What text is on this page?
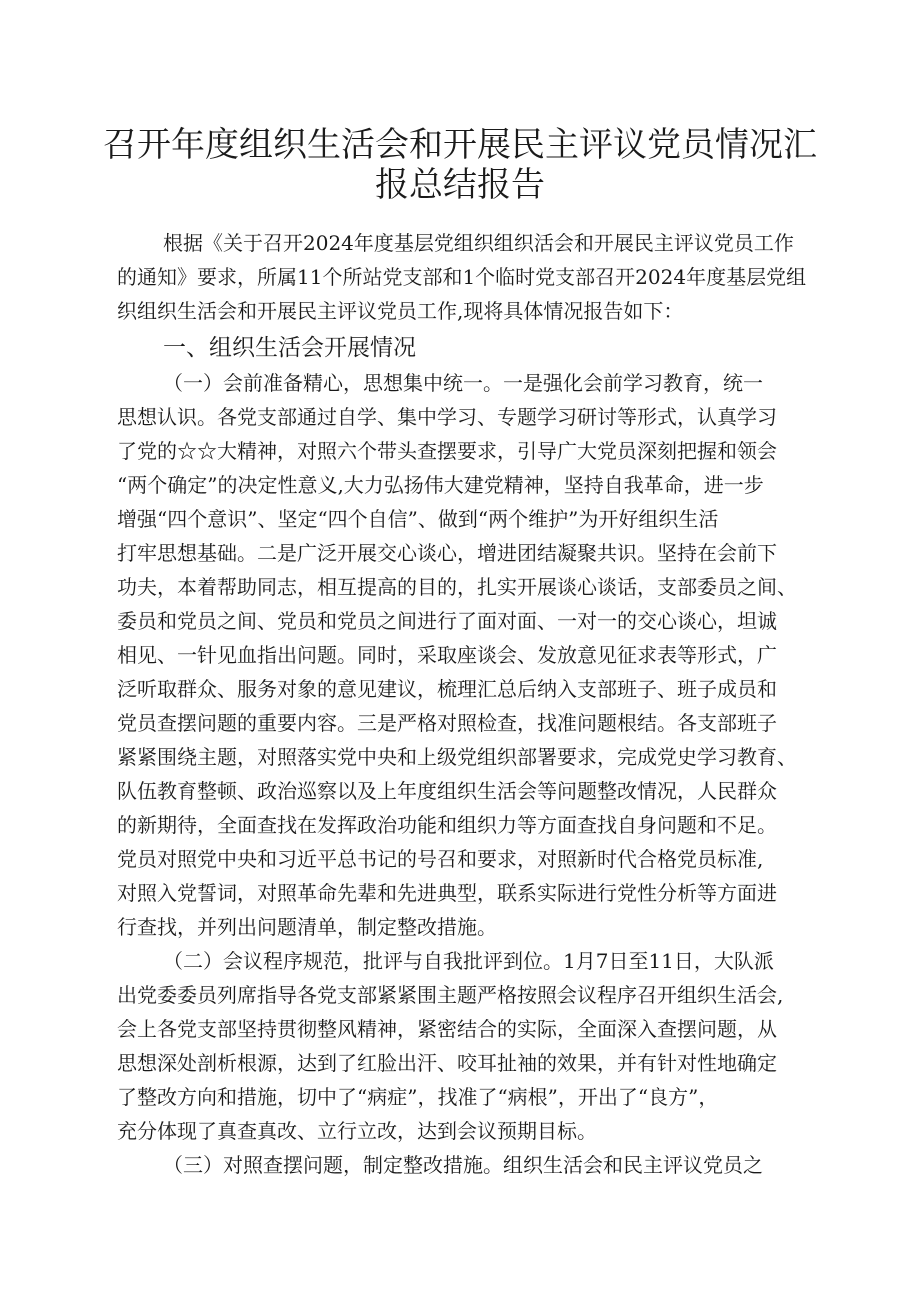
召开年度组织生活会和开展民主评议党员情况汇
报总结报告

根据《关于召开2024年度基层党组织组织活会和开展民主评议党员工作

的通知》要求，所属11个所站党支部和1个临时党支部召开2024年度基层党组

织组织生活会和开展民主评议党员工作,现将具体情况报告如下：

一、组织生活会开展情况

（一）会前准备精心，思想集中统一。一是强化会前学习教育，统一

思想认识。各党支部通过自学、集中学习、专题学习研讨等形式，认真学习

了党的☆☆大精神，对照六个带头查摆要求，引导广大党员深刻把握和领会

“两个确定”的决定性意义,大力弘扬伟大建党精神，坚持自我革命，进一步

增强“四个意识”、坚定“四个自信”、做到“两个维护”为开好组织生活

打牢思想基础。二是广泛开展交心谈心，增进团结凝聚共识。坚持在会前下

功夫，本着帮助同志，相互提高的目的，扎实开展谈心谈话，支部委员之间、

委员和党员之间、党员和党员之间进行了面对面、一对一的交心谈心，坦诚

相见、一针见血指出问题。同时，采取座谈会、发放意见征求表等形式，广

泛听取群众、服务对象的意见建议，梳理汇总后纳入支部班子、班子成员和

党员查摆问题的重要内容。三是严格对照检查，找准问题根结。各支部班子

紧紧围绕主题，对照落实党中央和上级党组织部署要求，完成党史学习教育、

队伍教育整顿、政治巡察以及上年度组织生活会等问题整改情况，人民群众

的新期待，全面查找在发挥政治功能和组织力等方面查找自身问题和不足。

党员对照党中央和习近平总书记的号召和要求，对照新时代合格党员标准,

对照入党誓词，对照革命先辈和先进典型，联系实际进行党性分析等方面进

行查找，并列出问题清单，制定整改措施。

（二）会议程序规范，批评与自我批评到位。1月7日至11日，大队派

出党委委员列席指导各党支部紧紧围主题严格按照会议程序召开组织生活会,

会上各党支部坚持贯彻整风精神，紧密结合的实际，全面深入查摆问题，从

思想深处剖析根源，达到了红脸出汗、咬耳扯袖的效果，并有针对性地确定

了整改方向和措施，切中了“病症”，找准了“病根”，开出了“良方”，

充分体现了真查真改、立行立改，达到会议预期目标。

（三）对照查摆问题，制定整改措施。组织生活会和民主评议党员之
